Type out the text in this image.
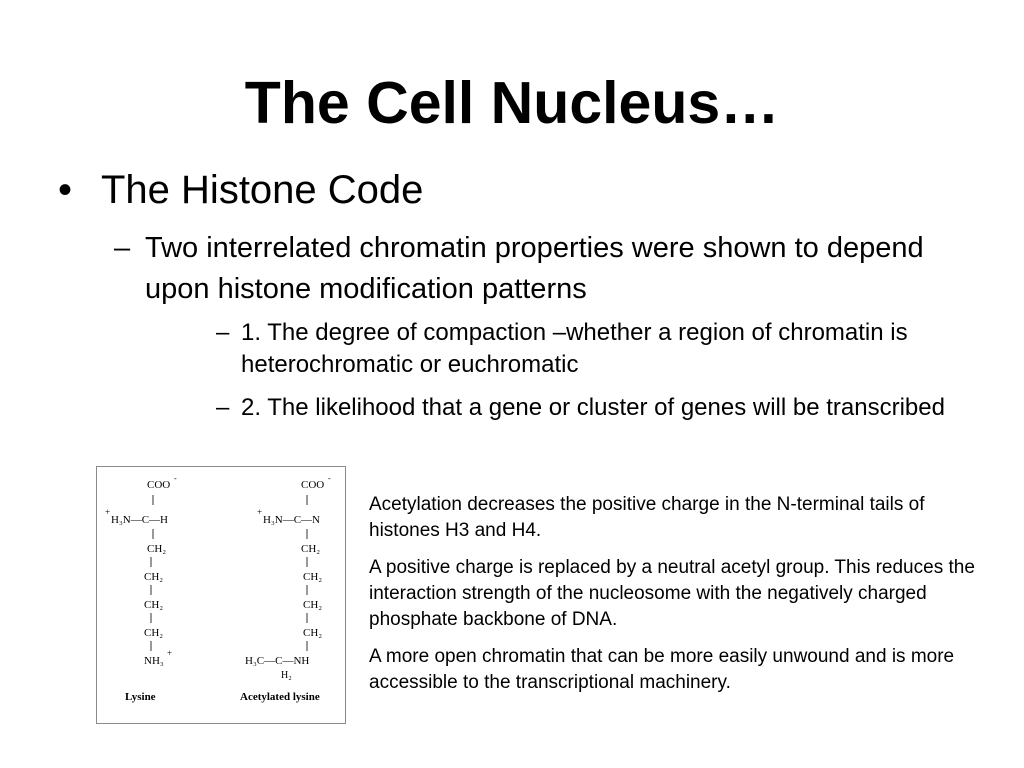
The Cell Nucleus…
• The Histone Code
– Two interrelated chromatin properties were shown to depend upon histone modification patterns
– 1. The degree of compaction –whether a region of chromatin is heterochromatic or euchromatic
– 2. The likelihood that a gene or cluster of genes will be transcribed
COO
-
+
H₃N—C—H
CH₂
CH₂
CH₂
CH₂
NH₃
+
Lysine
COO
-
+
H₃N—C—N
CH₂
CH₂
CH₂
CH₂
H₃C—C—NH
H₂
Acetylated lysine

Acetylation decreases the positive charge in the N-terminal tails of histones H3 and H4.

A positive charge is replaced by a neutral acetyl group. This reduces the interaction strength of the nucleosome with the negatively charged phosphate backbone of DNA.

A more open chromatin that can be more easily unwound and is more accessible to the transcriptional machinery.
